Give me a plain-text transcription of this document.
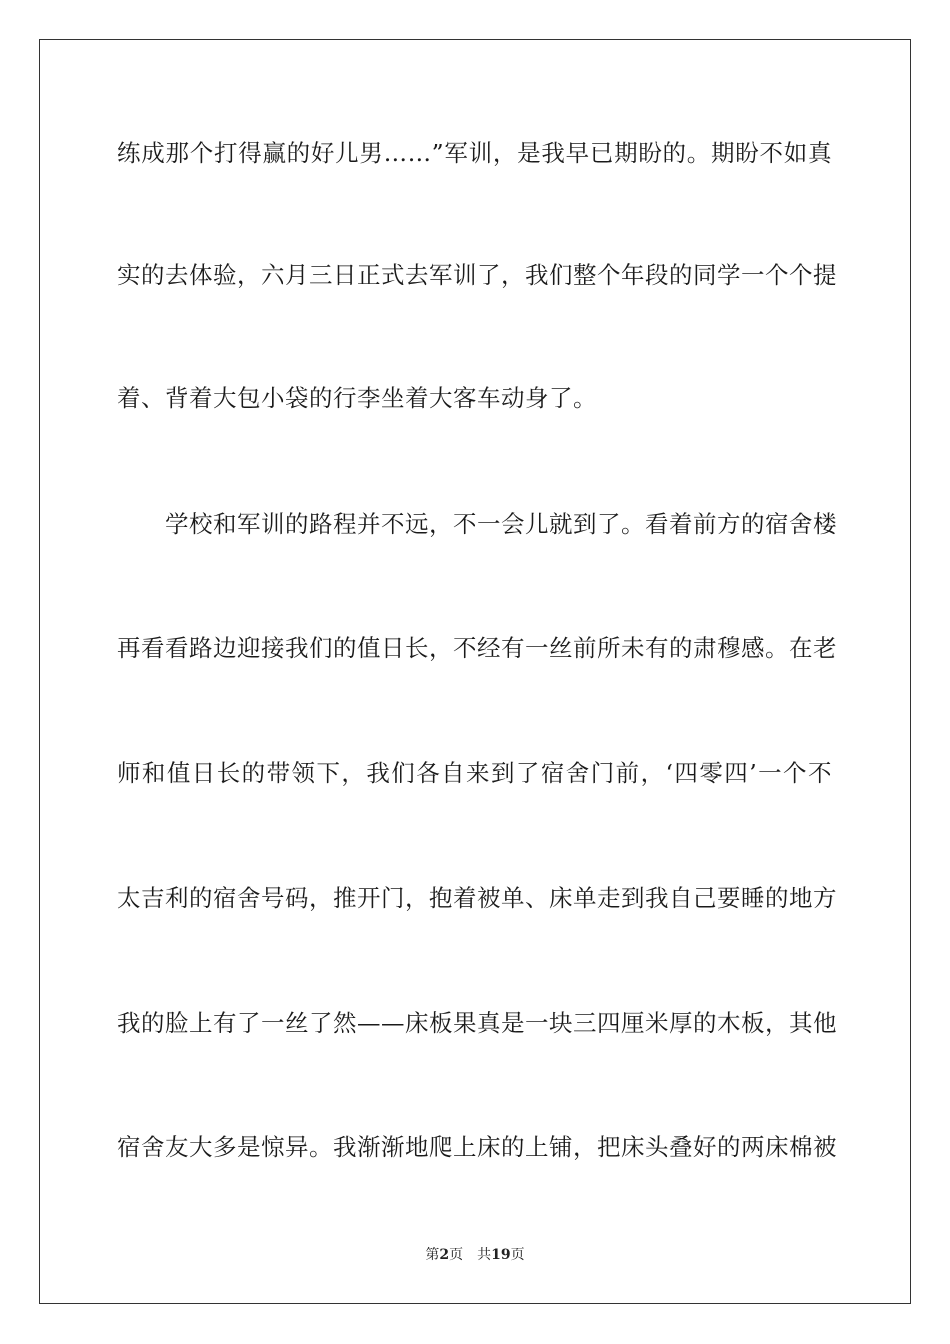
练成那个打得赢的好儿男……”军训，是我早已期盼的。期盼不如真
实的去体验，六月三日正式去军训了，我们整个年段的同学一个个提
着、背着大包小袋的行李坐着大客车动身了。
学校和军训的路程并不远，不一会儿就到了。看着前方的宿舍楼
再看看路边迎接我们的值日长，不经有一丝前所未有的肃穆感。在老
师和值日长的带领下，我们各自来到了宿舍门前，‘四零四’一个不
太吉利的宿舍号码，推开门，抱着被单、床单走到我自己要睡的地方
我的脸上有了一丝了然——床板果真是一块三四厘米厚的木板，其他
宿舍友大多是惊异。我渐渐地爬上床的上铺，把床头叠好的两床棉被
第2页 共19页
